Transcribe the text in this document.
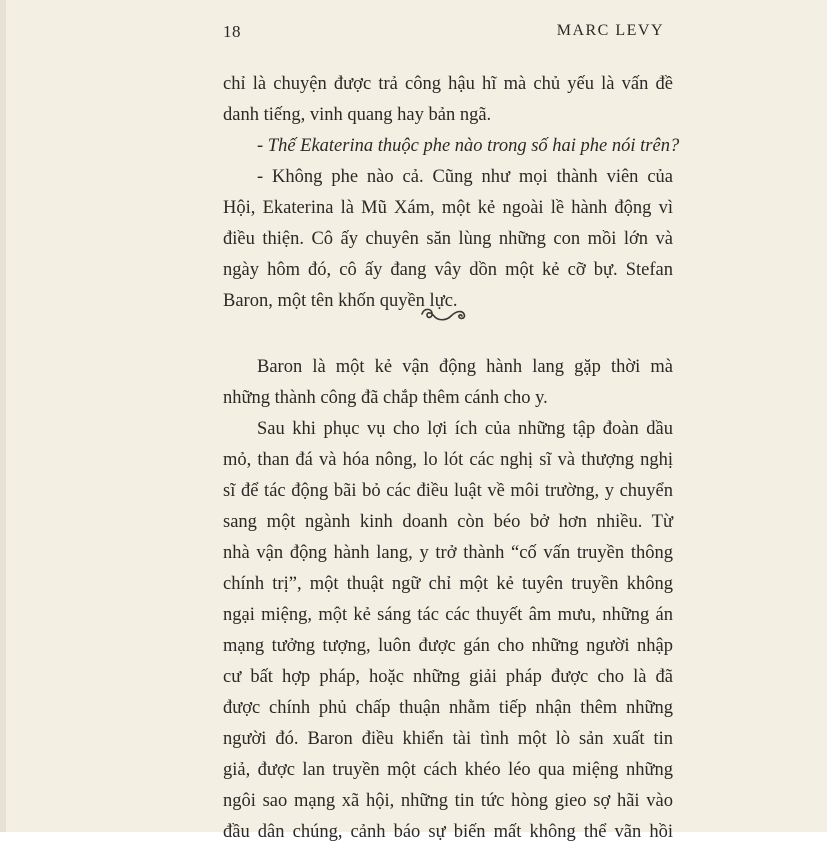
18	MARC LEVY
chỉ là chuyện được trả công hậu hĩ mà chủ yếu là vấn đề
danh tiếng, vinh quang hay bản ngã.
- Thế Ekaterina thuộc phe nào trong số hai phe nói trên?
- Không phe nào cả. Cũng như mọi thành viên của
Hội, Ekaterina là Mũ Xám, một kẻ ngoài lề hành động vì
điều thiện. Cô ấy chuyên săn lùng những con mồi lớn và
ngày hôm đó, cô ấy đang vây dồn một kẻ cỡ bự. Stefan
Baron, một tên khốn quyền lực.
Baron là một kẻ vận động hành lang gặp thời mà
những thành công đã chắp thêm cánh cho y.
Sau khi phục vụ cho lợi ích của những tập đoàn dầu
mỏ, than đá và hóa nông, lo lót các nghị sĩ và thượng nghị
sĩ để tác động bãi bỏ các điều luật về môi trường, y chuyển
sang một ngành kinh doanh còn béo bở hơn nhiều. Từ
nhà vận động hành lang, y trở thành “cố vấn truyền thông
chính trị”, một thuật ngữ chỉ một kẻ tuyên truyền không
ngại miệng, một kẻ sáng tác các thuyết âm mưu, những án
mạng tưởng tượng, luôn được gán cho những người nhập
cư bất hợp pháp, hoặc những giải pháp được cho là đã
được chính phủ chấp thuận nhằm tiếp nhận thêm những
người đó. Baron điều khiển tài tình một lò sản xuất tin
giả, được lan truyền một cách khéo léo qua miệng những
ngôi sao mạng xã hội, những tin tức hòng gieo sợ hãi vào
đầu dân chúng, cảnh báo sự biến mất không thể vãn hồi
